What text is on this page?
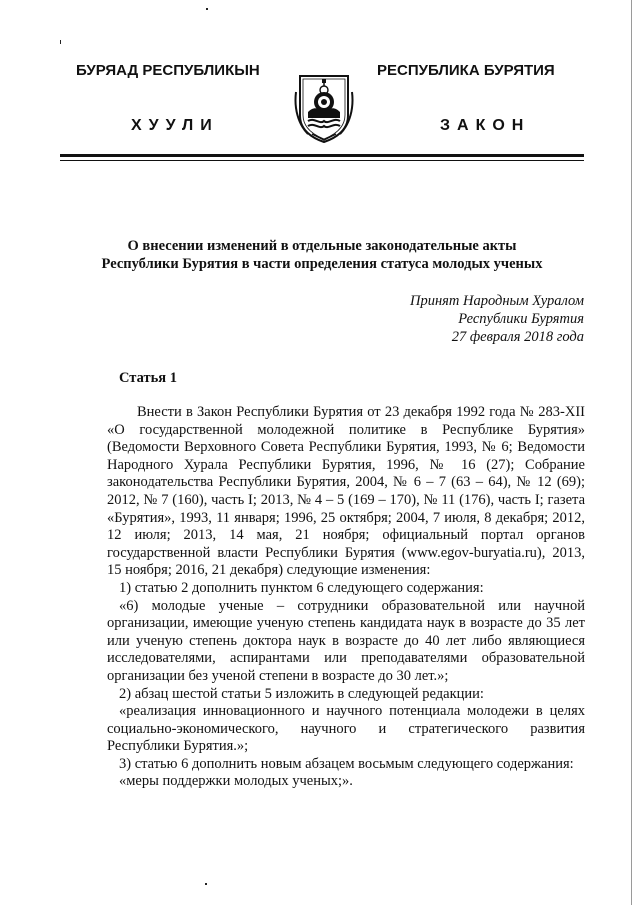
БУРЯАД РЕСПУБЛИКЫН
ХУУЛИ
РЕСПУБЛИКА БУРЯТИЯ
ЗАКОН
О внесении изменений в отдельные законодательные акты
Республики Бурятия в части определения статуса молодых ученых
Принят Народным Хуралом
Республики Бурятия
27 февраля 2018 года
Статья 1

Внести в Закон Республики Бурятия от 23 декабря 1992 года № 283-XII «О государственной молодежной политике в Республике Бурятия» (Ведомости Верховного Совета Республики Бурятия, 1993, № 6; Ведомости Народного Хурала Республики Бурятия, 1996, № 16 (27); Собрание законодательства Республики Бурятия, 2004, № 6 – 7 (63 – 64), № 12 (69); 2012, № 7 (160), часть I; 2013, № 4 – 5 (169 – 170), № 11 (176), часть I; газета «Бурятия», 1993, 11 января; 1996, 25 октября; 2004, 7 июля, 8 декабря; 2012, 12 июля; 2013, 14 мая, 21 ноября; официальный портал органов государственной власти Республики Бурятия (www.egov-buryatia.ru), 2013, 15 ноября; 2016, 21 декабря) следующие изменения:

1) статью 2 дополнить пунктом 6 следующего содержания:

«6) молодые ученые – сотрудники образовательной или научной организации, имеющие ученую степень кандидата наук в возрасте до 35 лет или ученую степень доктора наук в возрасте до 40 лет либо являющиеся исследователями, аспирантами или преподавателями образовательной организации без ученой степени в возрасте до 30 лет.»;

2) абзац шестой статьи 5 изложить в следующей редакции:

«реализация инновационного и научного потенциала молодежи в целях социально-экономического, научного и стратегического развития Республики Бурятия.»;

3) статью 6 дополнить новым абзацем восьмым следующего содержания:

«меры поддержки молодых ученых;».
